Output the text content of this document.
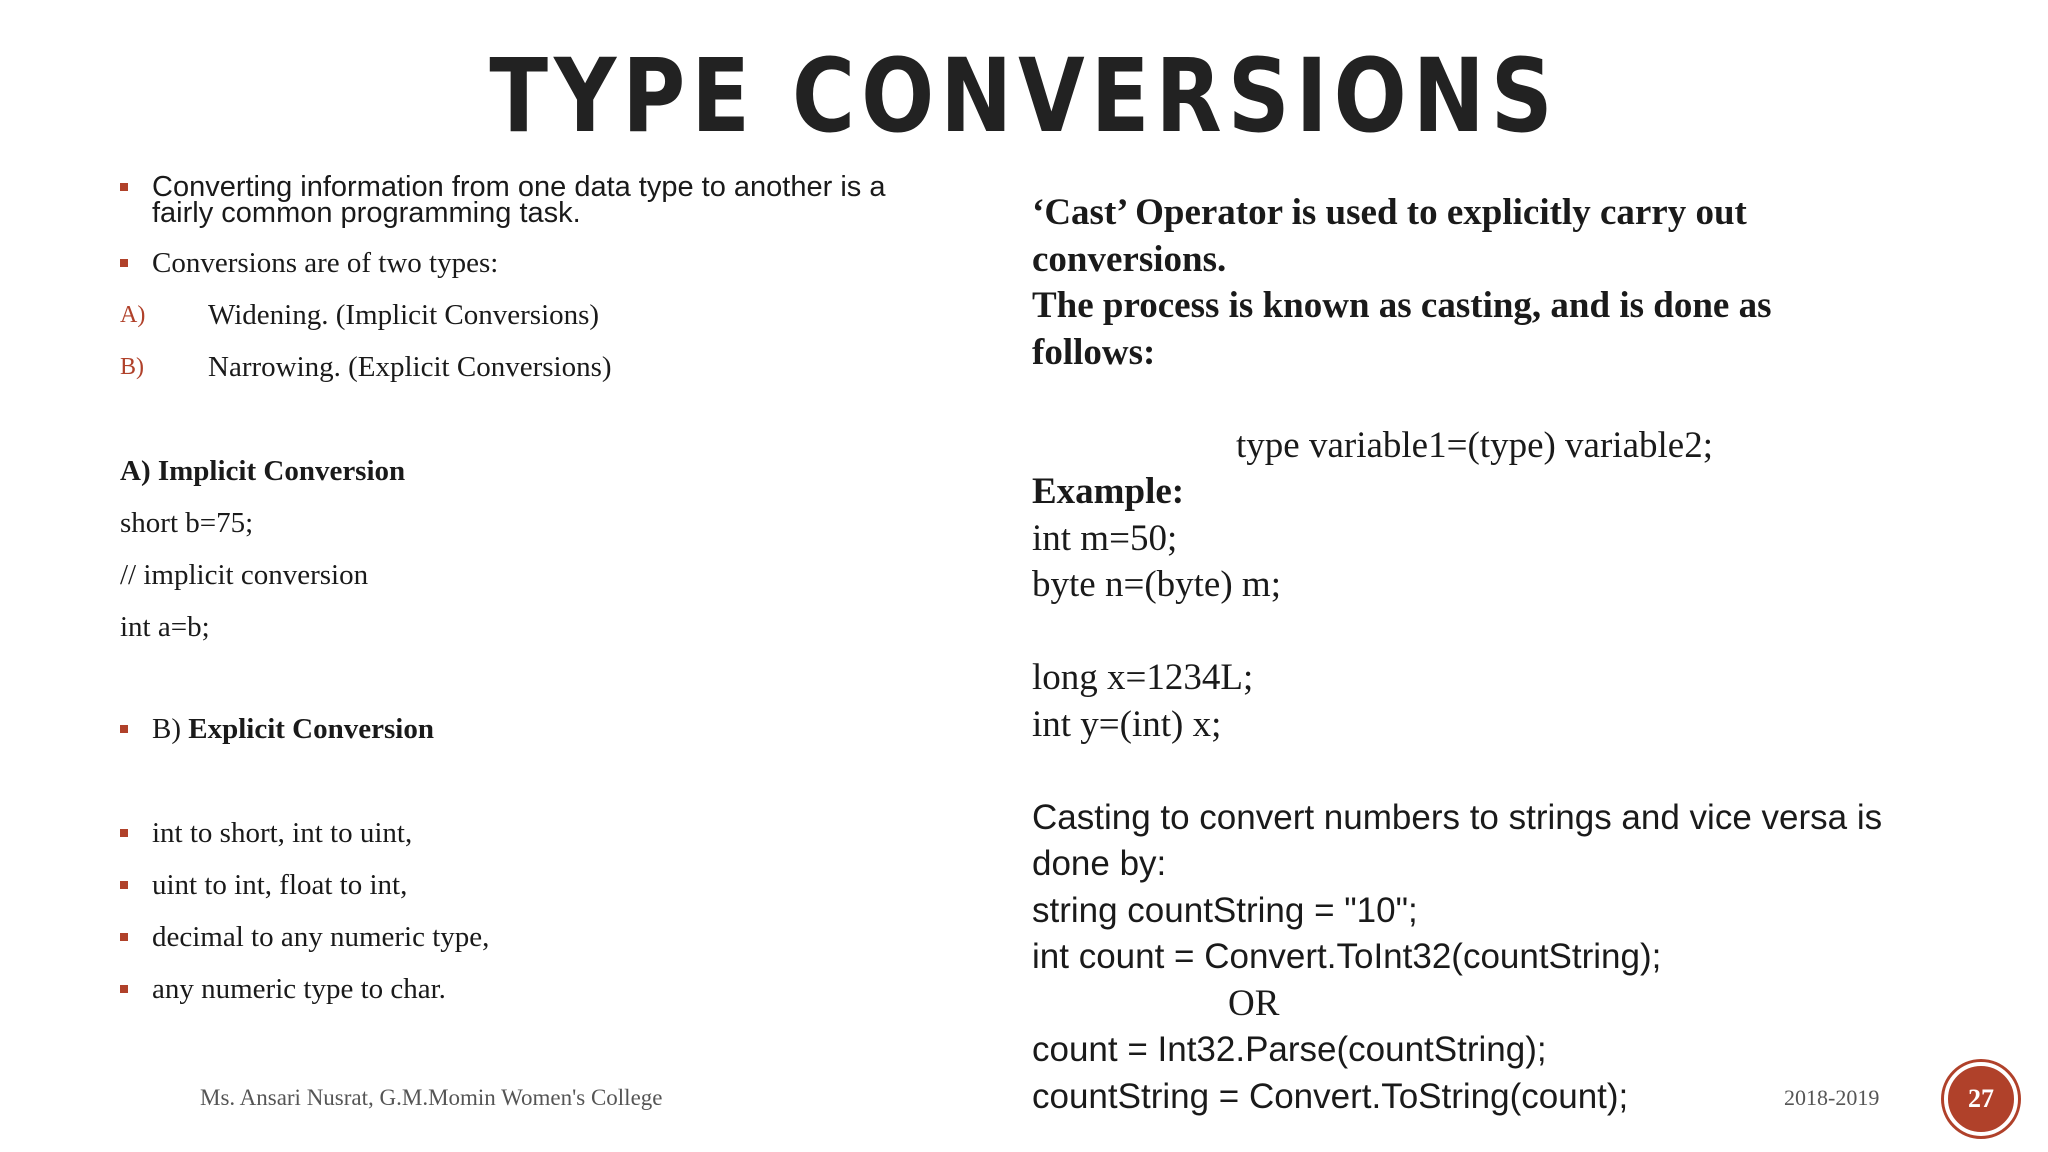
TYPE CONVERSIONS
Converting information from one data type to another is a
fairly common programming task.
Conversions are of two types:
A) Widening. (Implicit Conversions)
B) Narrowing. (Explicit Conversions)
A) Implicit Conversion
short b=75;
// implicit conversion
int a=b;
B) Explicit Conversion
int to short, int to uint,
uint to int, float to int,
decimal to any numeric type,
any numeric type to char.
‘Cast’ Operator is used to explicitly carry out
conversions.
The process is known as casting, and is done as
follows:
type variable1=(type) variable2;
Example:
int m=50;
byte n=(byte) m;
long x=1234L;
int y=(int) x;
Casting to convert numbers to strings and vice versa is
done by:
string countString = "10";
int count = Convert.ToInt32(countString);
OR
count = Int32.Parse(countString);
countString = Convert.ToString(count);
Ms. Ansari Nusrat, G.M.Momin Women's College	2018-2019	27
